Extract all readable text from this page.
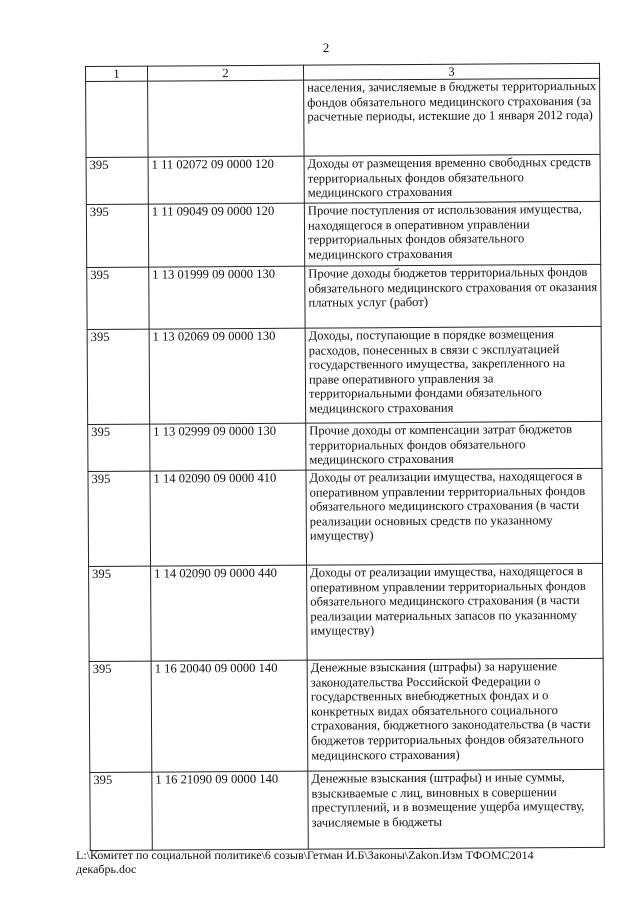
2
1	2	3
		населения, зачисляемые в бюджеты территориальных фондов обязательного медицинского страхования (за расчетные периоды, истекшие до 1 января 2012 года)
395	1 11 02072 09 0000 120	Доходы от размещения временно свободных средств территориальных фондов обязательного медицинского страхования
395	1 11 09049 09 0000 120	Прочие поступления от использования имущества, находящегося в оперативном управлении территориальных фондов обязательного медицинского страхования
395	1 13 01999 09 0000 130	Прочие доходы бюджетов территориальных фондов обязательного медицинского страхования от оказания платных услуг (работ)
395	1 13 02069 09 0000 130	Доходы, поступающие в порядке возмещения расходов, понесенных в связи с эксплуатацией государственного имущества, закрепленного на праве оперативного управления за территориальными фондами обязательного медицинского страхования
395	1 13 02999 09 0000 130	Прочие доходы от компенсации затрат бюджетов территориальных фондов обязательного медицинского страхования
395	1 14 02090 09 0000 410	Доходы от реализации имущества, находящегося в оперативном управлении территориальных фондов обязательного медицинского страхования (в части реализации основных средств по указанному имуществу)
395	1 14 02090 09 0000 440	Доходы от реализации имущества, находящегося в оперативном управлении территориальных фондов обязательного медицинского страхования (в части реализации материальных запасов по указанному имуществу)
395	1 16 20040 09 0000 140	Денежные взыскания (штрафы) за нарушение законодательства Российской Федерации о государственных внебюджетных фондах и о конкретных видах обязательного социального страхования, бюджетного законодательства (в части бюджетов территориальных фондов обязательного медицинского страхования)
395	1 16 21090 09 0000 140	Денежные взыскания (штрафы) и иные суммы, взыскиваемые с лиц, виновных в совершении преступлений, и в возмещение ущерба имуществу, зачисляемые в бюджеты
L:\Комитет по социальной политике\6 созыв\Гетман И.Б\Законы\Zakon.Изм ТФОМС2014
декабрь.doc
